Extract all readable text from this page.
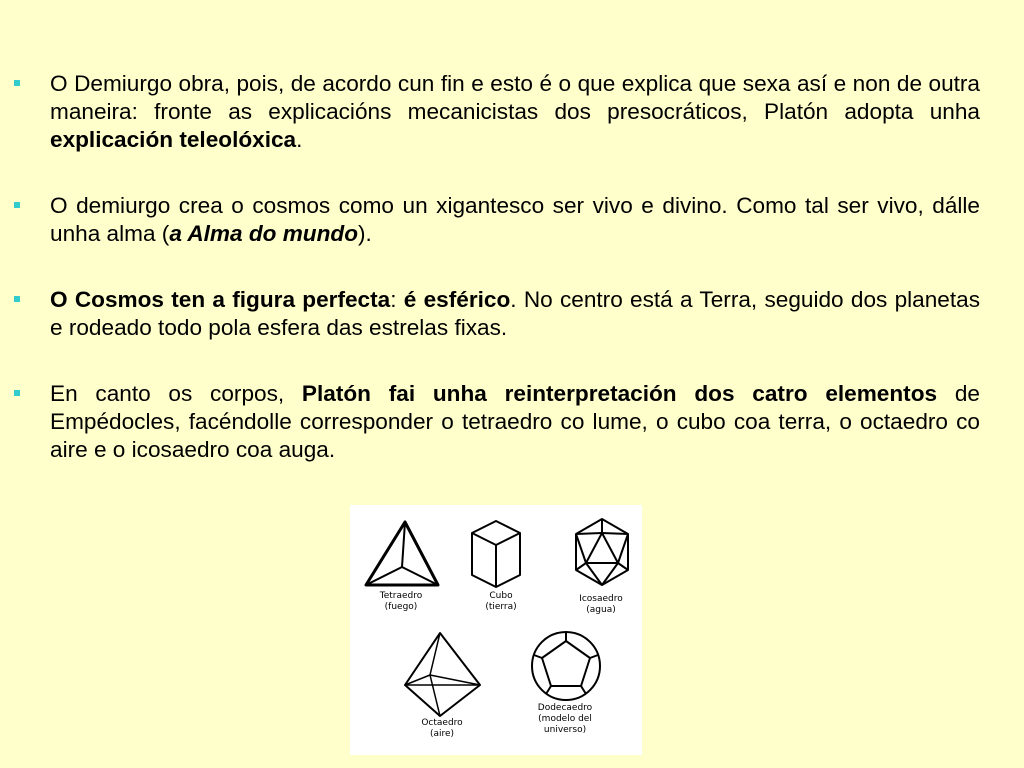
O Demiurgo obra, pois, de acordo cun fin e esto é o que explica que sexa así e non de outra maneira: fronte as explicacións mecanicistas dos presocráticos, Platón adopta unha explicación teleolóxica.
O demiurgo crea o cosmos como un xigantesco ser vivo e divino. Como tal ser vivo, dálle unha alma (a Alma do mundo).
O Cosmos ten a figura perfecta: é esférico. No centro está a Terra, seguido dos planetas e rodeado todo pola esfera das estrelas fixas.
En canto os corpos, Platón fai unha reinterpretación dos catro elementos de Empédocles, facéndolle corresponder o tetraedro co lume, o cubo coa terra, o octaedro co aire e o icosaedro coa auga.
Tetraedro
(fuego)
Cubo
(tierra)
Icosaedro
(agua)
Octaedro
(aire)
Dodecaedro
(modelo del
universo)
